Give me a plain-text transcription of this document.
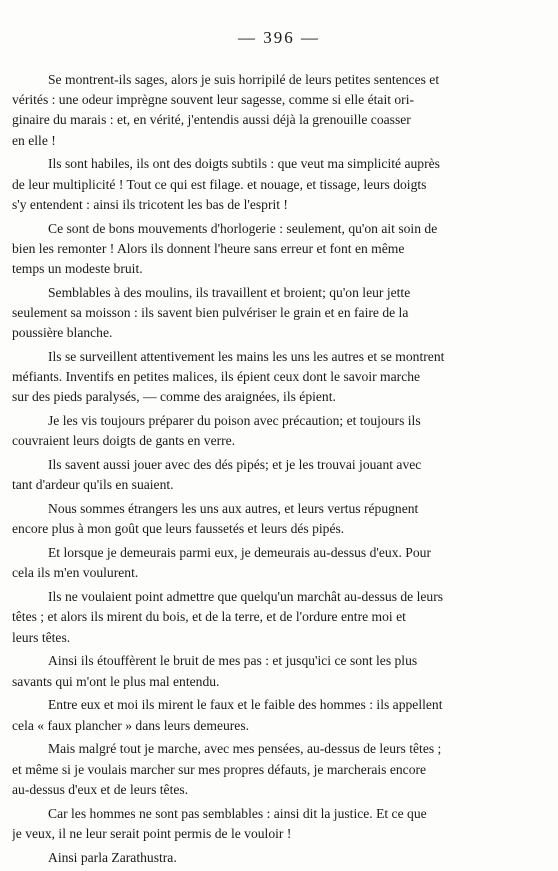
— 396 —

Se montrent-ils sages, alors je suis horripilé de leurs petites sentences et
vérités : une odeur imprègne souvent leur sagesse, comme si elle était ori-
ginaire du marais : et, en vérité, j'entendis aussi déjà la grenouille coasser
en elle !

Ils sont habiles, ils ont des doigts subtils : que veut ma simplicité auprès
de leur multiplicité ! Tout ce qui est filage. et nouage, et tissage, leurs doigts
s'y entendent : ainsi ils tricotent les bas de l'esprit !

Ce sont de bons mouvements d'horlogerie : seulement, qu'on ait soin de
bien les remonter ! Alors ils donnent l'heure sans erreur et font en même
temps un modeste bruit.

Semblables à des moulins, ils travaillent et broient; qu'on leur jette
seulement sa moisson : ils savent bien pulvériser le grain et en faire de la
poussière blanche.

Ils se surveillent attentivement les mains les uns les autres et se montrent
méfiants. Inventifs en petites malices, ils épient ceux dont le savoir marche
sur des pieds paralysés, — comme des araignées, ils épient.

Je les vis toujours préparer du poison avec précaution; et toujours ils
couvraient leurs doigts de gants en verre.

Ils savent aussi jouer avec des dés pipés; et je les trouvai jouant avec
tant d'ardeur qu'ils en suaient.

Nous sommes étrangers les uns aux autres, et leurs vertus répugnent
encore plus à mon goût que leurs faussetés et leurs dés pipés.

Et lorsque je demeurais parmi eux, je demeurais au-dessus d'eux. Pour
cela ils m'en voulurent.

Ils ne voulaient point admettre que quelqu'un marchât au-dessus de leurs
têtes ; et alors ils mirent du bois, et de la terre, et de l'ordure entre moi et
leurs têtes.

Ainsi ils étouffèrent le bruit de mes pas : et jusqu'ici ce sont les plus
savants qui m'ont le plus mal entendu.

Entre eux et moi ils mirent le faux et le faible des hommes : ils appellent
cela « faux plancher » dans leurs demeures.

Mais malgré tout je marche, avec mes pensées, au-dessus de leurs têtes ;
et même si je voulais marcher sur mes propres défauts, je marcherais encore
au-dessus d'eux et de leurs têtes.

Car les hommes ne sont pas semblables : ainsi dit la justice. Et ce que
je veux, il ne leur serait point permis de le vouloir !

Ainsi parla Zarathustra.
